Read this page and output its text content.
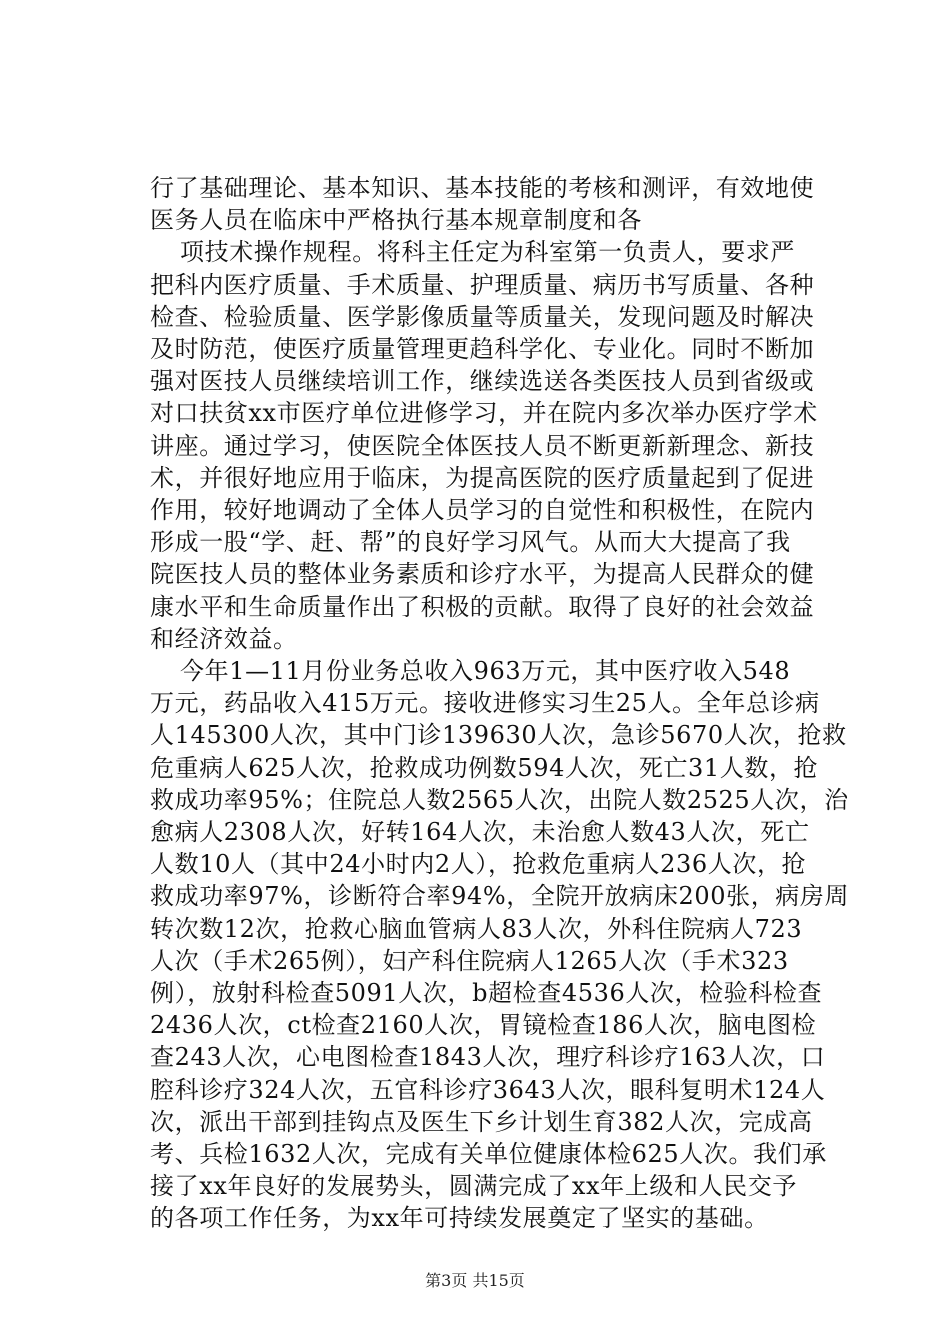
行了基础理论、基本知识、基本技能的考核和测评，有效地使
医务人员在临床中严格执行基本规章制度和各
项技术操作规程。将科主任定为科室第一负责人，要求严
把科内医疗质量、手术质量、护理质量、病历书写质量、各种
检查、检验质量、医学影像质量等质量关，发现问题及时解决
及时防范，使医疗质量管理更趋科学化、专业化。同时不断加
强对医技人员继续培训工作，继续选送各类医技人员到省级或
对口扶贫xx市医疗单位进修学习，并在院内多次举办医疗学术
讲座。通过学习，使医院全体医技人员不断更新新理念、新技
术，并很好地应用于临床，为提高医院的医疗质量起到了促进
作用，较好地调动了全体人员学习的自觉性和积极性，在院内
形成一股“学、赶、帮”的良好学习风气。从而大大提高了我
院医技人员的整体业务素质和诊疗水平，为提高人民群众的健
康水平和生命质量作出了积极的贡献。取得了良好的社会效益
和经济效益。
今年1—11月份业务总收入963万元，其中医疗收入548
万元，药品收入415万元。接收进修实习生25人。全年总诊病
人145300人次，其中门诊139630人次，急诊5670人次，抢救
危重病人625人次，抢救成功例数594人次，死亡31人数，抢
救成功率95%；住院总人数2565人次，出院人数2525人次，治
愈病人2308人次，好转164人次，未治愈人数43人次，死亡
人数10人（其中24小时内2人），抢救危重病人236人次，抢
救成功率97%，诊断符合率94%，全院开放病床200张，病房周
转次数12次，抢救心脑血管病人83人次，外科住院病人723
人次（手术265例），妇产科住院病人1265人次（手术323
例），放射科检查5091人次，b超检查4536人次，检验科检查
2436人次，ct检查2160人次，胃镜检查186人次，脑电图检
查243人次，心电图检查1843人次，理疗科诊疗163人次，口
腔科诊疗324人次，五官科诊疗3643人次，眼科复明术124人
次，派出干部到挂钩点及医生下乡计划生育382人次，完成高
考、兵检1632人次，完成有关单位健康体检625人次。我们承
接了xx年良好的发展势头，圆满完成了xx年上级和人民交予
第3页 共15页
的各项工作任务，为xx年可持续发展奠定了坚实的基础。
